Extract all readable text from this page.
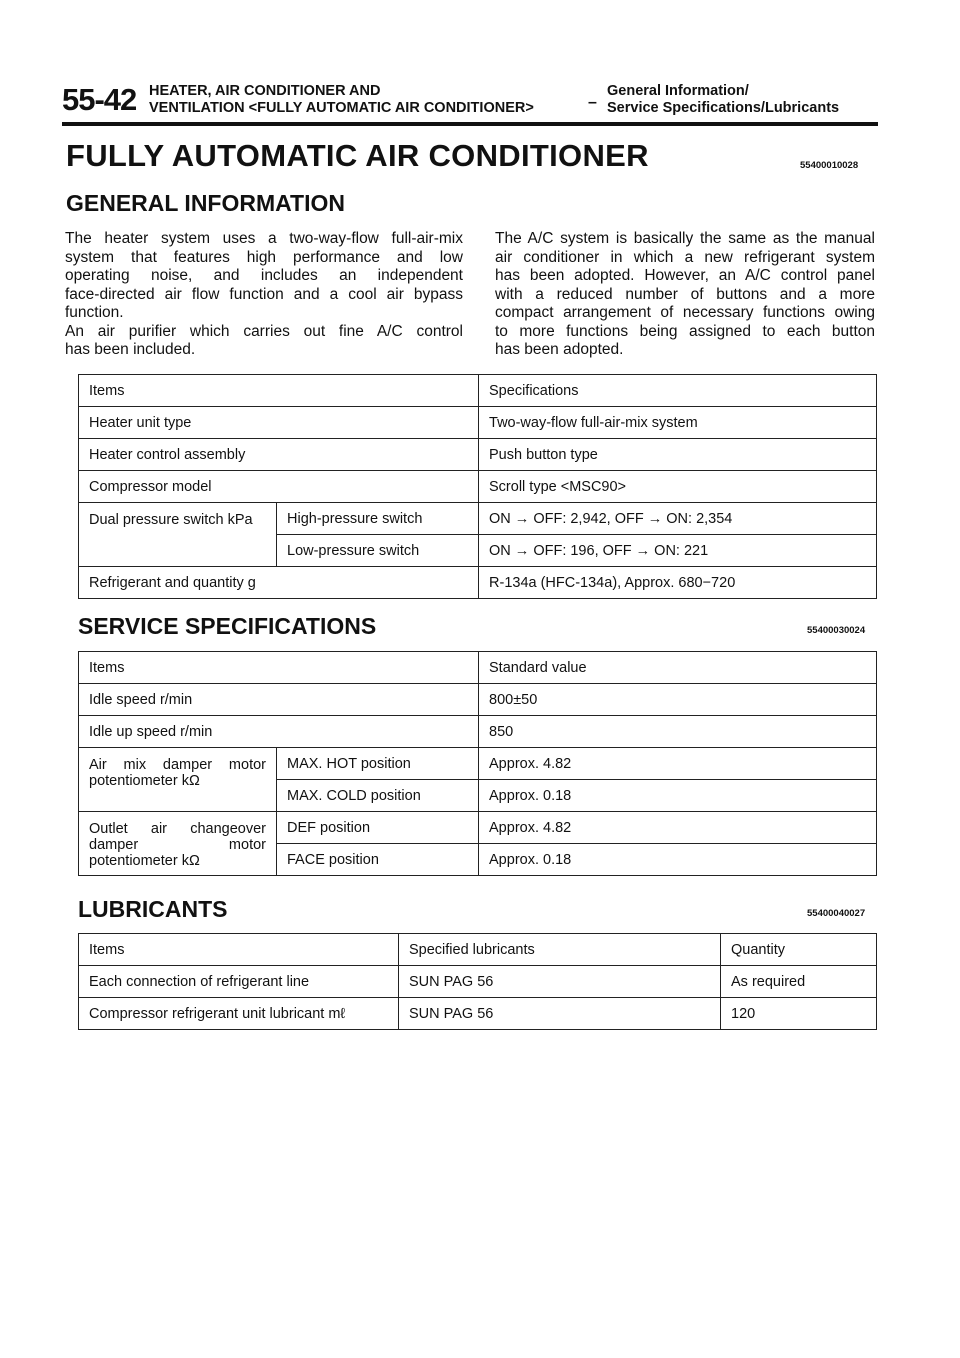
55-42 HEATER, AIR CONDITIONER AND
VENTILATION <FULLY AUTOMATIC AIR CONDITIONER>	–
General Information/
Service Specifications/Lubricants
FULLY AUTOMATIC AIR CONDITIONER	55400010028
GENERAL INFORMATION
The heater system uses a two-way-flow full-air-mix
system that features high performance and low
operating noise, and includes an independent
face-directed air flow function and a cool air bypass
function.
An air purifier which carries out fine A/C control
has been included.
The A/C system is basically the same as the manual
air conditioner in which a new refrigerant system
has been adopted. However, an A/C control panel
with a reduced number of buttons and a more
compact arrangement of necessary functions owing
to more functions being assigned to each button
has been adopted.
Items		Specifications
Heater unit type		Two-way-flow full-air-mix system
Heater control assembly		Push button type
Compressor model		Scroll type <MSC90>
Dual pressure switch kPa	High-pressure switch	ON → OFF: 2,942, OFF → ON: 2,354
	Low-pressure switch	ON → OFF: 196, OFF → ON: 221
Refrigerant and quantity g		R-134a (HFC-134a), Approx. 680−720
SERVICE SPECIFICATIONS	55400030024
Items		Standard value
Idle speed r/min		800±50
Idle up speed r/min		850
Air mix damper motor potentiometer kΩ	MAX. HOT position	Approx. 4.82
	MAX. COLD position	Approx. 0.18
Outlet air changeover damper motor potentiometer kΩ	DEF position	Approx. 4.82
	FACE position	Approx. 0.18
LUBRICANTS	55400040027
Items	Specified lubricants	Quantity
Each connection of refrigerant line	SUN PAG 56	As required
Compressor refrigerant unit lubricant mℓ	SUN PAG 56	120
